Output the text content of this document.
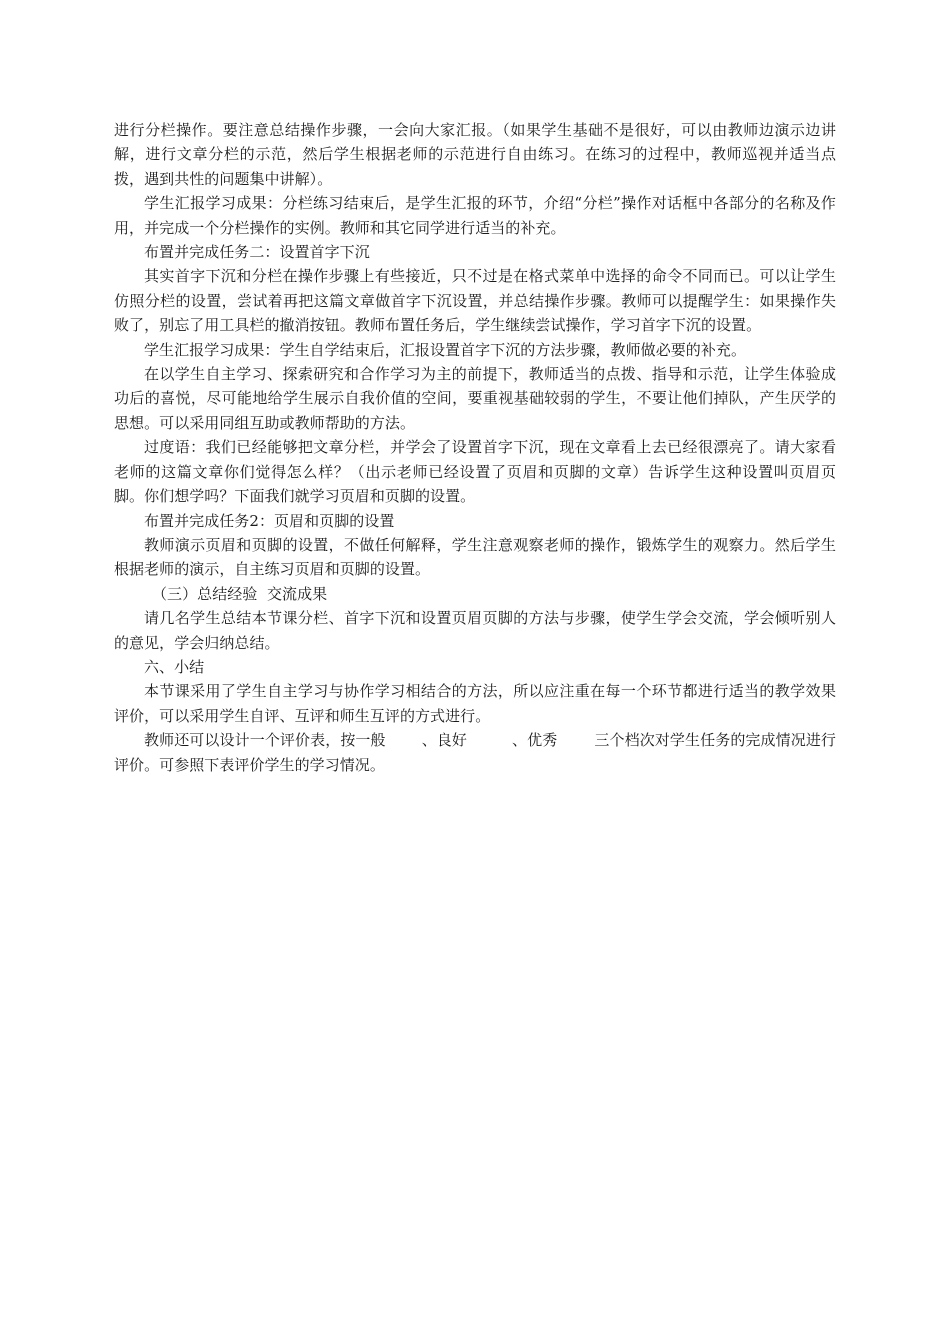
进行分栏操作。要注意总结操作步骤，一会向大家汇报。（如果学生基础不是很好，可以由教师边演示边讲解，进行文章分栏的示范，然后学生根据老师的示范进行自由练习。在练习的过程中，教师巡视并适当点拨，遇到共性的问题集中讲解）。

学生汇报学习成果：分栏练习结束后，是学生汇报的环节，介绍“分栏”操作对话框中各部分的名称及作用，并完成一个分栏操作的实例。教师和其它同学进行适当的补充。

布置并完成任务二：设置首字下沉

其实首字下沉和分栏在操作步骤上有些接近，只不过是在格式菜单中选择的命令不同而已。可以让学生仿照分栏的设置，尝试着再把这篇文章做首字下沉设置，并总结操作步骤。教师可以提醒学生：如果操作失败了，别忘了用工具栏的撤消按钮。教师布置任务后，学生继续尝试操作，学习首字下沉的设置。

学生汇报学习成果：学生自学结束后，汇报设置首字下沉的方法步骤，教师做必要的补充。

在以学生自主学习、探索研究和合作学习为主的前提下，教师适当的点拨、指导和示范，让学生体验成功后的喜悦，尽可能地给学生展示自我价值的空间，要重视基础较弱的学生，不要让他们掉队，产生厌学的思想。可以采用同组互助或教师帮助的方法。

过度语：我们已经能够把文章分栏，并学会了设置首字下沉，现在文章看上去已经很漂亮了。请大家看老师的这篇文章你们觉得怎么样？（出示老师已经设置了页眉和页脚的文章）告诉学生这种设置叫页眉页脚。你们想学吗？下面我们就学习页眉和页脚的设置。

布置并完成任务2：页眉和页脚的设置

教师演示页眉和页脚的设置，不做任何解释，学生注意观察老师的操作，锻炼学生的观察力。然后学生根据老师的演示，自主练习页眉和页脚的设置。

（三）总结经验  交流成果

请几名学生总结本节课分栏、首字下沉和设置页眉页脚的方法与步骤，使学生学会交流，学会倾听别人的意见，学会归纳总结。

六、小结

本节课采用了学生自主学习与协作学习相结合的方法，所以应注重在每一个环节都进行适当的教学效果评价，可以采用学生自评、互评和师生互评的方式进行。

教师还可以设计一个评价表，按一般 、良好	、优秀 三个档次对学生任务的完成情况进行评价。可参照下表评价学生的学习情况。
